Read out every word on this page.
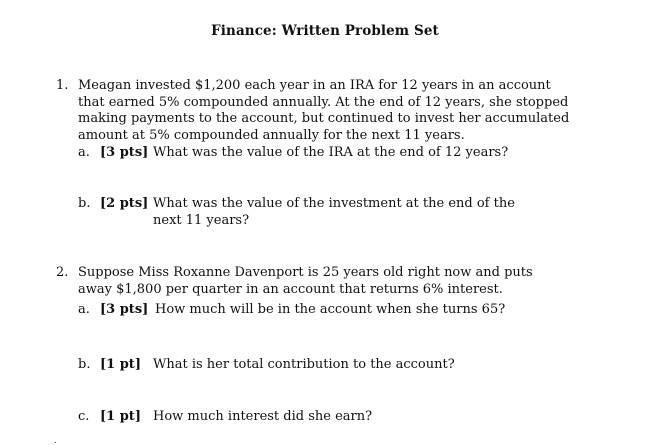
Finance: Written Problem Set
1. Meagan invested $1,200 each year in an IRA for 12 years in an account that earned 5% compounded annually. At the end of 12 years, she stopped making payments to the account, but continued to invest her accumulated amount at 5% compounded annually for the next 11 years.
a. [3 pts] What was the value of the IRA at the end of 12 years?
b. [2 pts] What was the value of the investment at the end of the next 11 years?
2. Suppose Miss Roxanne Davenport is 25 years old right now and puts away $1,800 per quarter in an account that returns 6% interest.
a. [3 pts] How much will be in the account when she turns 65?
b. [1 pt] What is her total contribution to the account?
c. [1 pt] How much interest did she earn?
.
